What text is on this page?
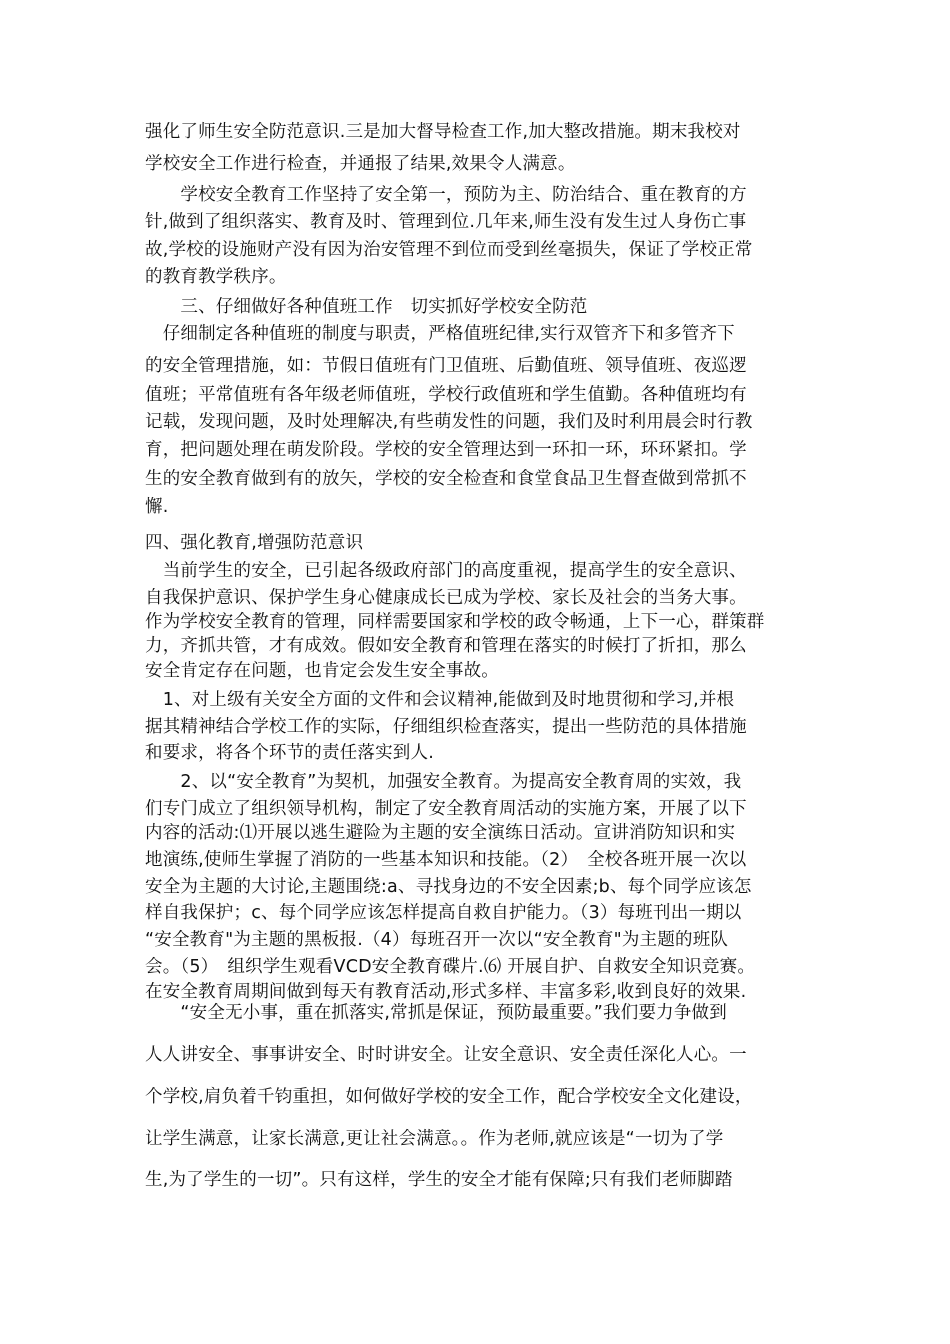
强化了师生安全防范意识.三是加大督导检查工作,加大整改措施。期末我校对

学校安全工作进行检查，并通报了结果,效果令人满意。

　　学校安全教育工作坚持了安全第一，预防为主、防治结合、重在教育的方

针,做到了组织落实、教育及时、管理到位.几年来,师生没有发生过人身伤亡事

故,学校的设施财产没有因为治安管理不到位而受到丝毫损失，保证了学校正常

的教育教学秩序。

　　三、仔细做好各种值班工作　切实抓好学校安全防范

　仔细制定各种值班的制度与职责，严格值班纪律,实行双管齐下和多管齐下

的安全管理措施，如：节假日值班有门卫值班、后勤值班、领导值班、夜巡逻

值班；平常值班有各年级老师值班，学校行政值班和学生值勤。各种值班均有

记载，发现问题，及时处理解决,有些萌发性的问题，我们及时利用晨会时行教

育，把问题处理在萌发阶段。学校的安全管理达到一环扣一环，环环紧扣。学

生的安全教育做到有的放矢，学校的安全检查和食堂食品卫生督查做到常抓不

懈.

四、强化教育,增强防范意识

　当前学生的安全，已引起各级政府部门的高度重视，提高学生的安全意识、

自我保护意识、保护学生身心健康成长已成为学校、家长及社会的当务大事。

作为学校安全教育的管理，同样需要国家和学校的政令畅通，上下一心，群策群

力，齐抓共管，才有成效。假如安全教育和管理在落实的时候打了折扣，那么

安全肯定存在问题，也肯定会发生安全事故。

　1、对上级有关安全方面的文件和会议精神,能做到及时地贯彻和学习,并根

据其精神结合学校工作的实际，仔细组织检查落实，提出一些防范的具体措施

和要求，将各个环节的责任落实到人.

　　2、以“安全教育”为契机，加强安全教育。为提高安全教育周的实效，我

们专门成立了组织领导机构，制定了安全教育周活动的实施方案，开展了以下

内容的活动:⑴开展以逃生避险为主题的安全演练日活动。宣讲消防知识和实

地演练,使师生掌握了消防的一些基本知识和技能。（2）　全校各班开展一次以

安全为主题的大讨论,主题围绕:a、寻找身边的不安全因素;b、每个同学应该怎

样自我保护；c、每个同学应该怎样提高自救自护能力。（3）每班刊出一期以

“安全教育"为主题的黑板报.（4）每班召开一次以“安全教育"为主题的班队

会。（5）　组织学生观看VCD安全教育碟片.⑹ 开展自护、自救安全知识竞赛。

在安全教育周期间做到每天有教育活动,形式多样、丰富多彩,收到良好的效果.

　　“安全无小事，重在抓落实,常抓是保证，预防最重要。”我们要力争做到

人人讲安全、事事讲安全、时时讲安全。让安全意识、安全责任深化人心。一

个学校,肩负着千钧重担，如何做好学校的安全工作，配合学校安全文化建设，

让学生满意，让家长满意,更让社会满意。。作为老师,就应该是“一切为了学

生,为了学生的一切”。只有这样，学生的安全才能有保障;只有我们老师脚踏
